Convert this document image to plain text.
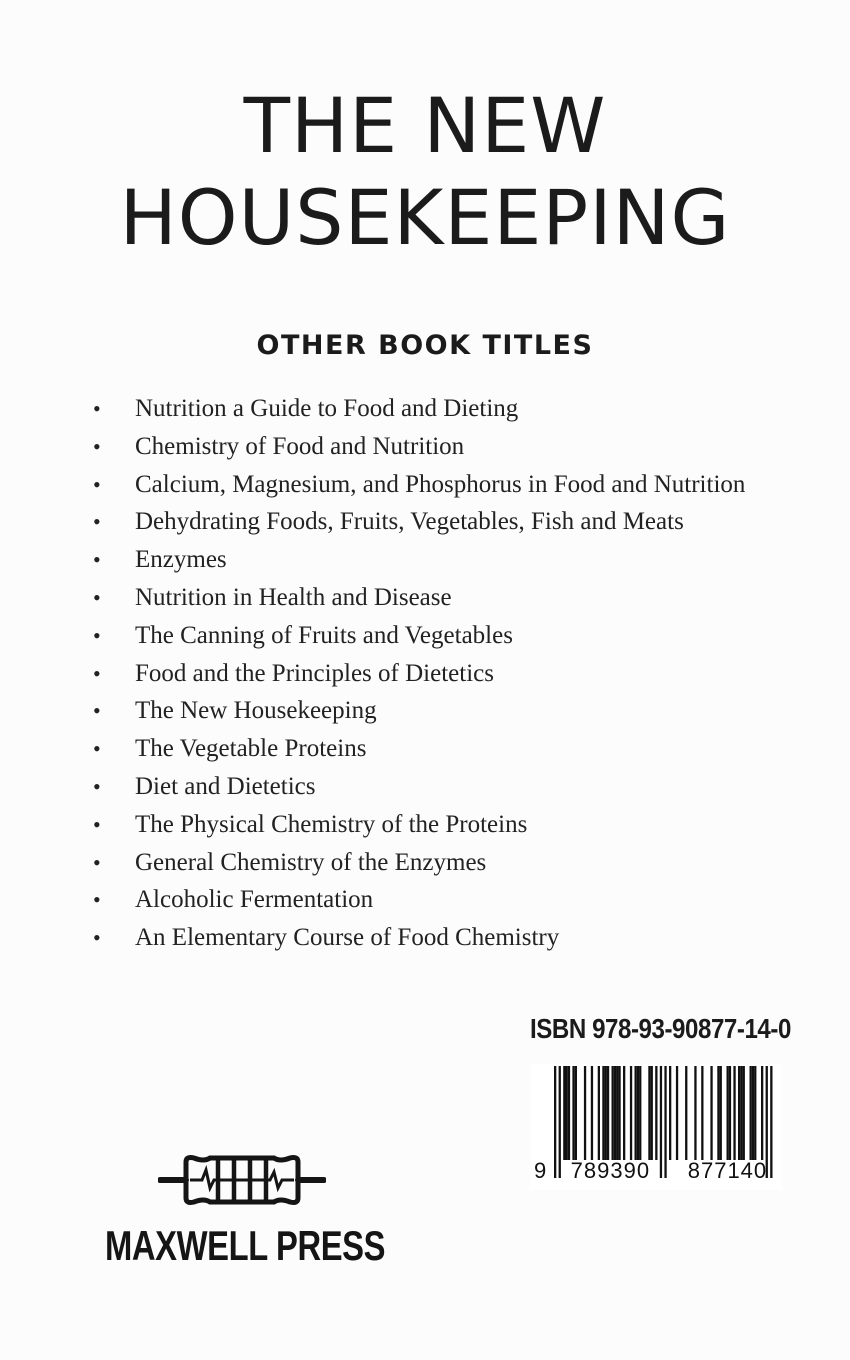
THE NEW
HOUSEKEEPING
OTHER BOOK TITLES
• Nutrition a Guide to Food and Dieting
• Chemistry of Food and Nutrition
• Calcium, Magnesium, and Phosphorus in Food and Nutrition
• Dehydrating Foods, Fruits, Vegetables, Fish and Meats
• Enzymes
• Nutrition in Health and Disease
• The Canning of Fruits and Vegetables
• Food and the Principles of Dietetics
• The New Housekeeping
• The Vegetable Proteins
• Diet and Dietetics
• The Physical Chemistry of the Proteins
• General Chemistry of the Enzymes
• Alcoholic Fermentation
• An Elementary Course of Food Chemistry
ISBN 978-93-90877-14-0
9	789390	877140
MAXWELL PRESS
